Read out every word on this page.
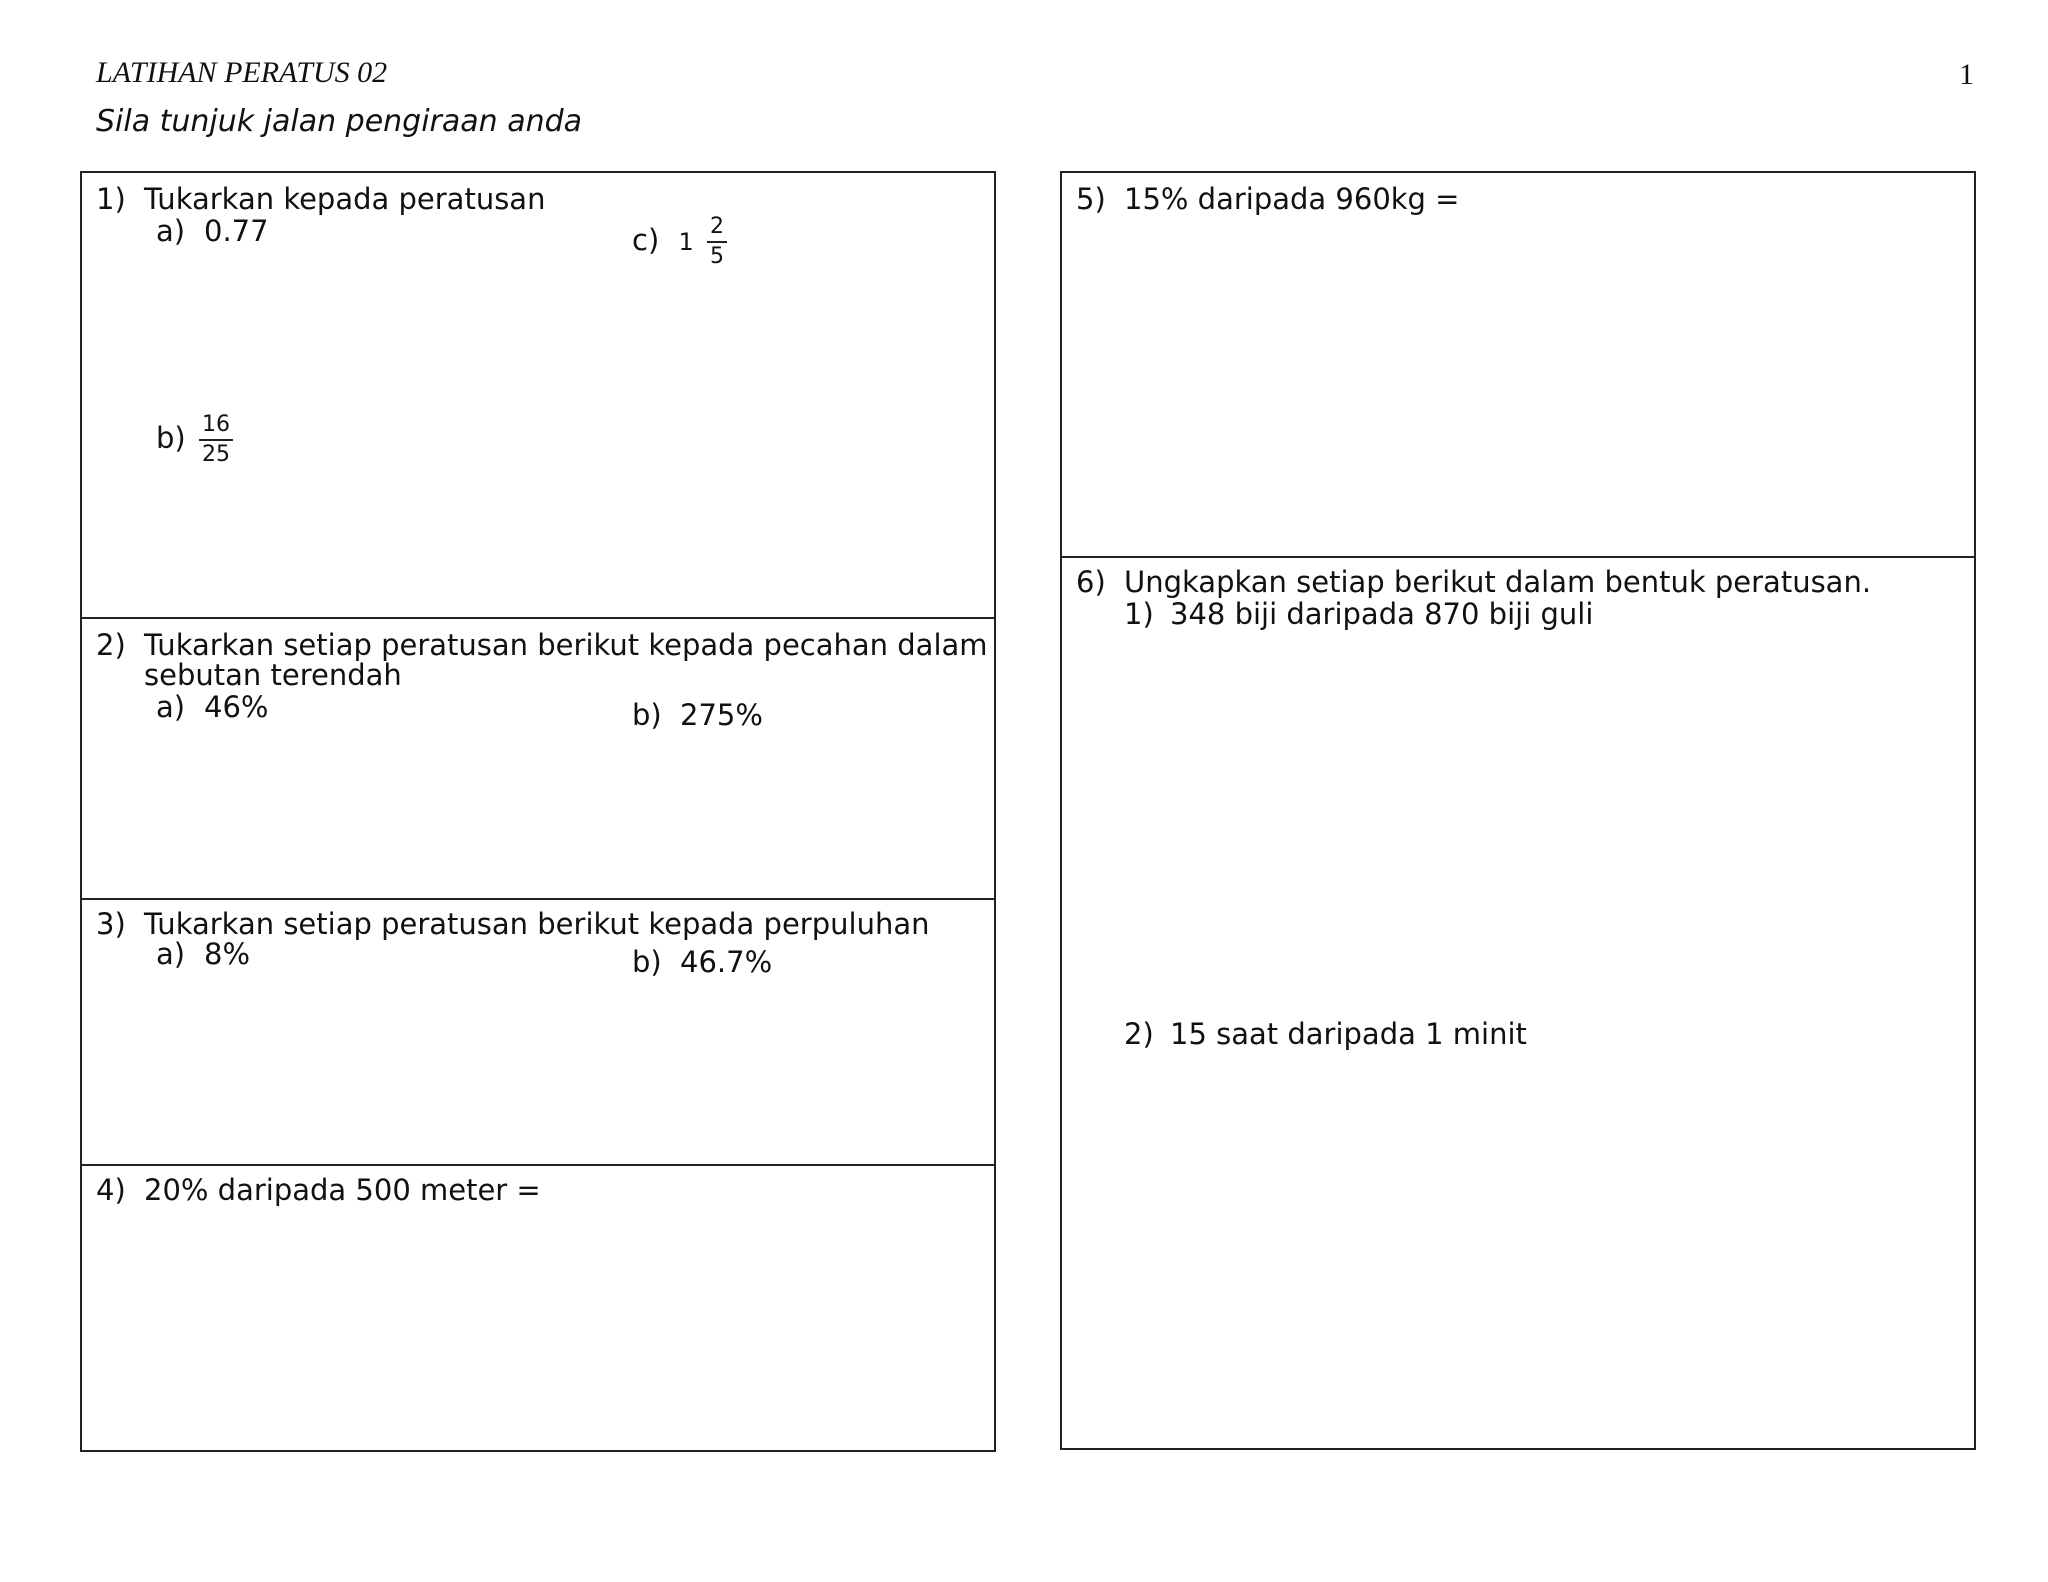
LATIHAN PERATUS 02	1
Sila tunjuk jalan pengiraan anda
1) Tukarkan kepada peratusan
a) 0.77	c) $1 \frac{2}{5}$
$b) \frac{16}{25}$
2) Tukarkan setiap peratusan berikut kepada pecahan dalam
sebutan terendah
a) 46%	b) 275%
3) Tukarkan setiap peratusan berikut kepada perpuluhan
a) 8%	b) 46.7%
4) 20% daripada 500 meter =
5) 15% daripada 960kg =
6) Ungkapkan setiap berikut dalam bentuk peratusan.
1) 348 biji daripada 870 biji guli
2) 15 saat daripada 1 minit
